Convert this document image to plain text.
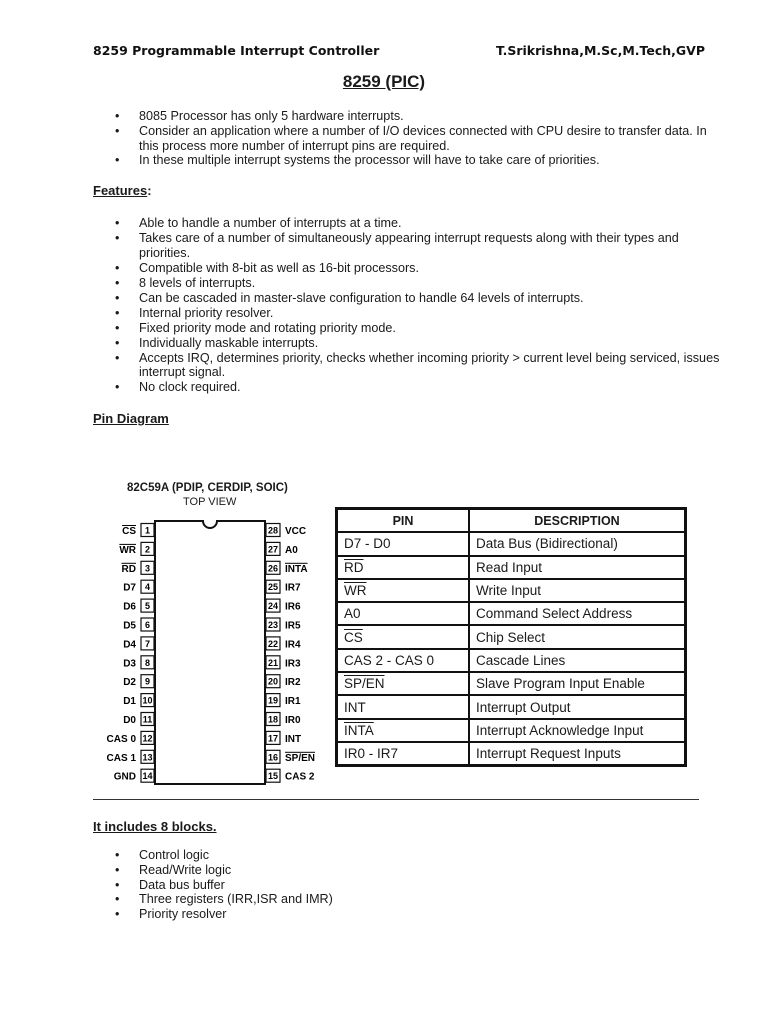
8259 Programmable Interrupt Controller	T.Srikrishna,M.Sc,M.Tech,GVP
8259 (PIC)
• 8085 Processor has only 5 hardware interrupts.
• Consider an application where a number of I/O devices connected with CPU desire to transfer data. In this process more number of interrupt pins are required.
• In these multiple interrupt systems the processor will have to take care of priorities.
Features:
• Able to handle a number of interrupts at a time.
• Takes care of a number of simultaneously appearing interrupt requests along with their types and priorities.
• Compatible with 8-bit as well as 16-bit processors.
• 8 levels of interrupts.
• Can be cascaded in master-slave configuration to handle 64 levels of interrupts.
• Internal priority resolver.
• Fixed priority mode and rotating priority mode.
• Individually maskable interrupts.
• Accepts IRQ, determines priority, checks whether incoming priority > current level being serviced, issues interrupt signal.
• No clock required.
Pin Diagram
82C59A (PDIP, CERDIP, SOIC)
TOP VIEW
1
CS
2
WR
3
RD
4
D7
5
D6
6
D5
7
D4
8
D3
9
D2
10
D1
11
D0
12
CAS 0
13
CAS 1
14
GND
28 VCC
27 A0
26 INTA
25 IR7
24 IR6
23 IR5
22 IR4
21 IR3
20 IR2
19 IR1
18 IR0
17 INT
16 SP/EN
15 CAS 2
PIN	DESCRIPTION
D7 - D0	Data Bus (Bidirectional)
$\overline{RD}$	Read Input
$\overline{WR}$	Write Input
A0	Command Select Address
$\overline{CS}$	Chip Select
CAS 2 - CAS 0	Cascade Lines
SP/EN	Slave Program Input Enable
INT	Interrupt Output
INTA	Interrupt Acknowledge Input
IR0 - IR7	Interrupt Request Inputs
It includes 8 blocks.
• Control logic
• Read/Write logic
• Data bus buffer
• Three registers (IRR,ISR and IMR)
• Priority resolver
